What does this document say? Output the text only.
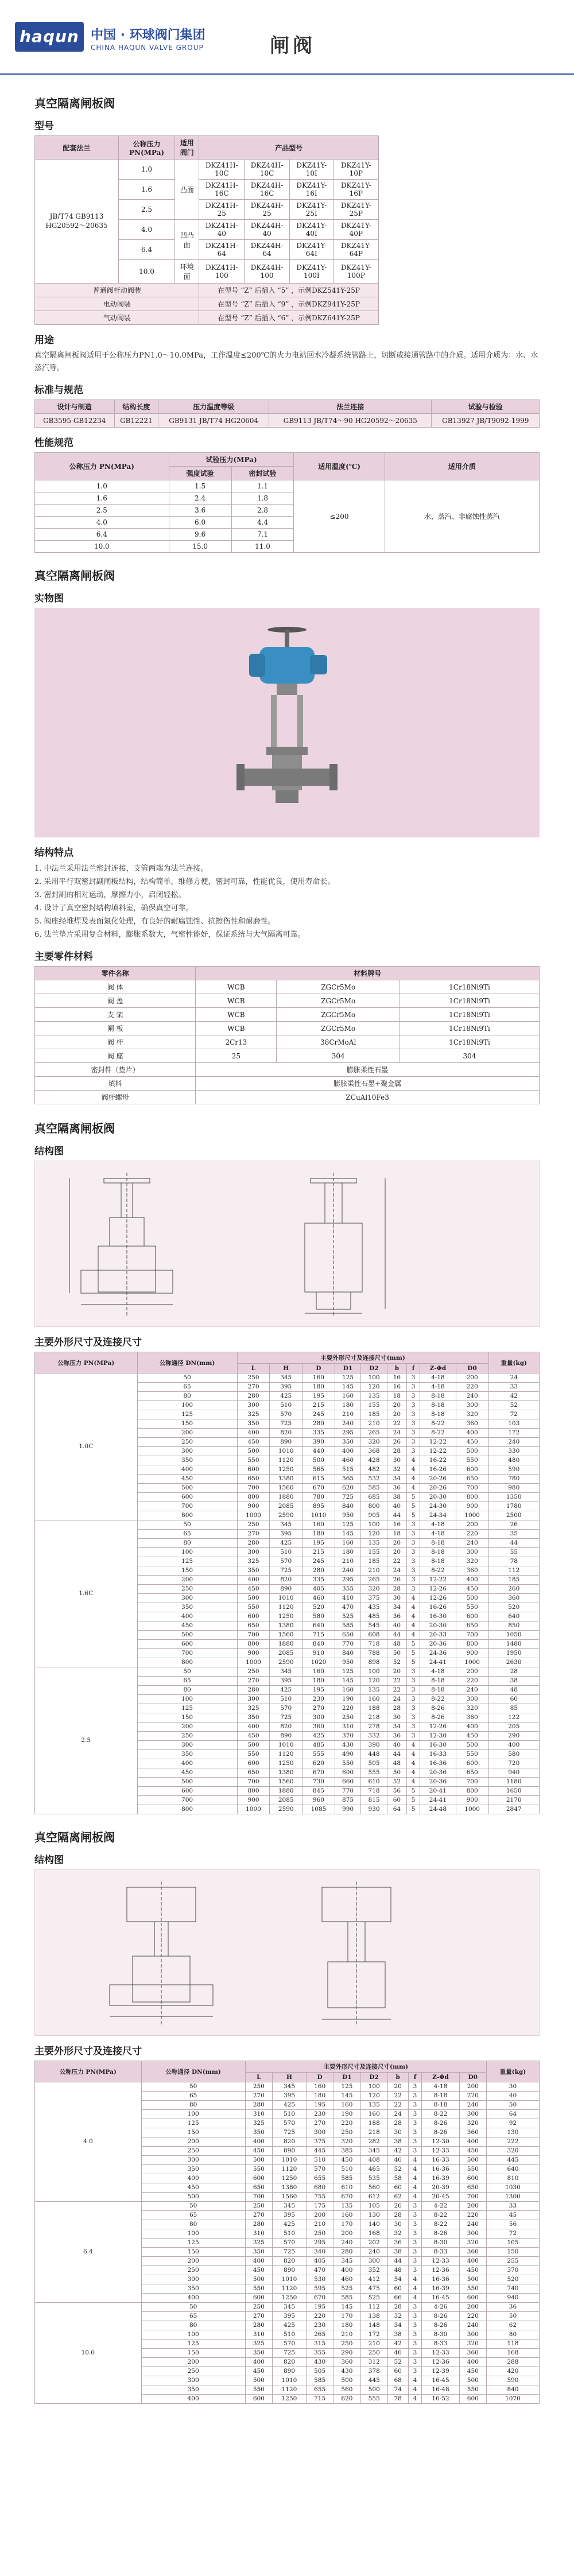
haqun 中国 · 环球阀门集团
CHINA HAQUN VALVE GROUP	闸阀
真空隔离闸板阀
型号
配套法兰	公称压力 PN(MPa)	适用 阀门	产品型号			
JB/T74 GB9113 HG20592～20635	1.0	凸面	DKZ41H-10C	DKZ44H-10C	DKZ41Y-10I	DKZ41Y-10P
	1.6		DKZ41H-16C	DKZ44H-16C	DKZ41Y-16I	DKZ41Y-16P
	2.5		DKZ41H-25	DKZ44H-25	DKZ41Y-25I	DKZ41Y-25P
	4.0	凹凸面	DKZ41H-40	DKZ44H-40	DKZ41Y-40I	DKZ41Y-40P
	6.4		DKZ41H-64	DKZ44H-64	DKZ41Y-64I	DKZ41Y-64P
	10.0	环境面	DKZ41H-100	DKZ44H-100	DKZ41Y-100I	DKZ41Y-100P
普通阀杆动阀装			在型号 “Z” 后插入 “5” ，示例DKZ541Y-25P			
电动阀装			在型号 “Z” 后插入 “9” ，示例DKZ941Y-25P			
气动阀装			在型号 “Z” 后插入 “6” ，示例DKZ641Y-25P			
用途

真空隔离闸板阀适用于公称压力PN1.0～10.0MPa，工作温度≤200℃的火力电站回水冷凝系统管路上，切断或接通管路中的介质。适用介质为：水、水蒸汽等。

标准与规范
设计与制造	结构长度	压力温度等级	法兰连接	试验与检验
GB3595 GB12234	GB12221	GB9131 JB/T74 HG20604	GB9113 JB/T74～90 HG20592～20635	GB13927 JB/T9092-1999
性能规范
公称压力 PN(MPa)	试验压力(MPa)		适用温度(℃)	适用介质
	强度试验	密封试验		
1.0	1.5	1.1	≤200	水、蒸汽、非腐蚀性蒸汽
1.6	2.4	1.8		
2.5	3.6	2.8		
4.0	6.0	4.4		
6.4	9.6	7.1		
10.0	15.0	11.0		
真空隔离闸板阀
实物图
结构特点
1. 中法兰采用法兰密封连接，支管两端为法兰连接。
2. 采用平行双密封副闸板结构，结构简单，维修方便，密封可靠，性能优良，使用寿命长。
3. 密封副的相对运动，摩擦力小，启闭轻松。
4. 设计了真空密封结构填料室，确保真空可靠。
5. 阀座经堆焊及表面氮化处理，有良好的耐腐蚀性、抗擦伤性和耐磨性。
6. 法兰垫片采用复合材料，膨胀系数大，气密性能好，保证系统与大气隔离可靠。
主要零件材料
零件名称	材料牌号		
阀 体	WCB	ZGCr5Mo	1Cr18Ni9Ti
阀 盖	WCB	ZGCr5Mo	1Cr18Ni9Ti
支 架	WCB	ZGCr5Mo	1Cr18Ni9Ti
闸 板	WCB	ZGCr5Mo	1Cr18Ni9Ti
阀 杆	2Cr13	38CrMoAl	1Cr18Ni9Ti
阀 座	25	304	304
密封件（垫片）	膨胀柔性石墨		
填料	膨胀柔性石墨+聚金属		
阀杆螺母	ZCuAl10Fe3		
真空隔离闸板阀
结构图
主要外形尺寸及连接尺寸
公称压力 PN(MPa)	公称通径 DN(mm)	主要外形尺寸及连接尺寸(mm)									重量(kg)
		L	H	D	D1	D2	b	f	Z-Φd	D0	
1.0C	50	250	345	160	125	100	16	3	4-18	200	24
	65	270	395	180	145	120	16	3	4-18	220	33
	80	280	425	195	160	135	18	3	8-18	240	42
	100	300	510	215	180	155	20	3	8-18	300	52
	125	325	570	245	210	185	20	3	8-18	320	72
	150	350	725	280	240	210	22	3	8-22	360	103
	200	400	820	335	295	265	24	3	8-22	400	172
	250	450	890	390	350	320	26	3	12-22	450	240
	300	500	1010	440	400	368	28	3	12-22	500	330
	350	550	1120	500	460	428	30	4	16-22	550	480
	400	600	1250	565	515	482	32	4	16-26	600	590
	450	650	1380	615	565	532	34	4	20-26	650	780
	500	700	1560	670	620	585	36	4	20-26	700	980
	600	800	1880	780	725	685	38	5	20-30	800	1350
	700	900	2085	895	840	800	40	5	24-30	900	1780
	800	1000	2590	1010	950	905	44	5	24-34	1000	2500
1.6C	50	250	345	160	125	100	16	3	4-18	200	26
	65	270	395	180	145	120	18	3	4-18	220	35
	80	280	425	195	160	135	20	3	8-18	240	44
	100	300	510	215	180	155	20	3	8-18	300	55
	125	325	570	245	210	185	22	3	8-18	320	78
	150	350	725	280	240	210	24	3	8-22	360	112
	200	400	820	335	295	265	26	3	12-22	400	185
	250	450	890	405	355	320	28	3	12-26	450	260
	300	500	1010	460	410	375	30	4	12-26	500	360
	350	550	1120	520	470	435	34	4	16-26	550	520
	400	600	1250	580	525	485	36	4	16-30	600	640
	450	650	1380	640	585	545	40	4	20-30	650	850
	500	700	1560	715	650	608	44	4	20-33	700	1050
	600	800	1880	840	770	718	48	5	20-36	800	1480
	700	900	2085	910	840	788	50	5	24-36	900	1950
	800	1000	2590	1020	950	898	52	5	24-41	1000	2630
2.5	50	250	345	160	125	100	20	3	4-18	200	28
	65	270	395	180	145	120	22	3	8-18	220	38
	80	280	425	195	160	135	22	3	8-18	240	48
	100	300	510	230	190	160	24	3	8-22	300	60
	125	325	570	270	220	188	28	3	8-26	320	85
	150	350	725	300	250	218	30	3	8-26	360	122
	200	400	820	360	310	278	34	3	12-26	400	205
	250	450	890	425	370	332	36	3	12-30	450	290
	300	500	1010	485	430	390	40	4	16-30	500	400
	350	550	1120	555	490	448	44	4	16-33	550	580
	400	600	1250	620	550	505	48	4	16-36	600	720
	450	650	1380	670	600	555	50	4	20-36	650	940
	500	700	1560	730	660	610	52	4	20-36	700	1180
	600	800	1880	845	770	718	56	5	20-41	800	1650
	700	900	2085	960	875	815	60	5	24-41	900	2170
	800	1000	2590	1085	990	930	64	5	24-48	1000	2847
真空隔离闸板阀
结构图
主要外形尺寸及连接尺寸
公称压力 PN(MPa)	公称通径 DN(mm)	主要外形尺寸及连接尺寸(mm)									重量(kg)
		L	H	D	D1	D2	b	f	Z-Φd	D0	
4.0	50	250	345	160	125	100	20	3	4-18	200	30
	65	270	395	180	145	120	22	3	8-18	220	40
	80	280	425	195	160	135	22	3	8-18	240	50
	100	310	510	230	190	160	24	3	8-22	300	64
	125	325	570	270	220	188	28	3	8-26	320	92
	150	350	725	300	250	218	30	3	8-26	360	130
	200	400	820	375	320	282	38	3	12-30	400	222
	250	450	890	445	385	345	42	3	12-33	450	320
	300	500	1010	510	450	408	46	4	16-33	500	445
	350	550	1120	570	510	465	52	4	16-36	550	640
	400	600	1250	655	585	535	58	4	16-39	600	810
	450	650	1380	680	610	560	60	4	20-39	650	1030
	500	700	1560	755	670	612	62	4	20-45	700	1300
6.4	50	250	345	175	135	105	26	3	4-22	200	33
	65	270	395	200	160	130	28	3	8-22	220	45
	80	280	425	210	170	140	30	3	8-22	240	56
	100	310	510	250	200	168	32	3	8-26	300	72
	125	325	570	295	240	202	36	3	8-30	320	105
	150	350	725	340	280	240	38	3	8-33	360	150
	200	400	820	405	345	300	44	3	12-33	400	255
	250	450	890	470	400	352	48	3	12-36	450	370
	300	500	1010	530	460	412	54	4	16-36	500	520
	350	550	1120	595	525	475	60	4	16-39	550	740
	400	600	1250	670	585	525	66	4	16-45	600	940
10.0	50	250	345	195	145	112	28	3	4-26	200	36
	65	270	395	220	170	138	32	3	8-26	220	50
	80	280	425	230	180	148	34	3	8-26	240	62
	100	310	510	265	210	172	38	3	8-30	300	80
	125	325	570	315	250	210	42	3	8-33	320	118
	150	350	725	355	290	250	46	3	12-33	360	168
	200	400	820	430	360	312	52	3	12-36	400	288
	250	450	890	505	430	378	60	3	12-39	450	420
	300	500	1010	585	500	445	68	4	16-45	500	590
	350	550	1120	655	560	500	74	4	16-48	550	840
	400	600	1250	715	620	555	78	4	16-52	600	1070
